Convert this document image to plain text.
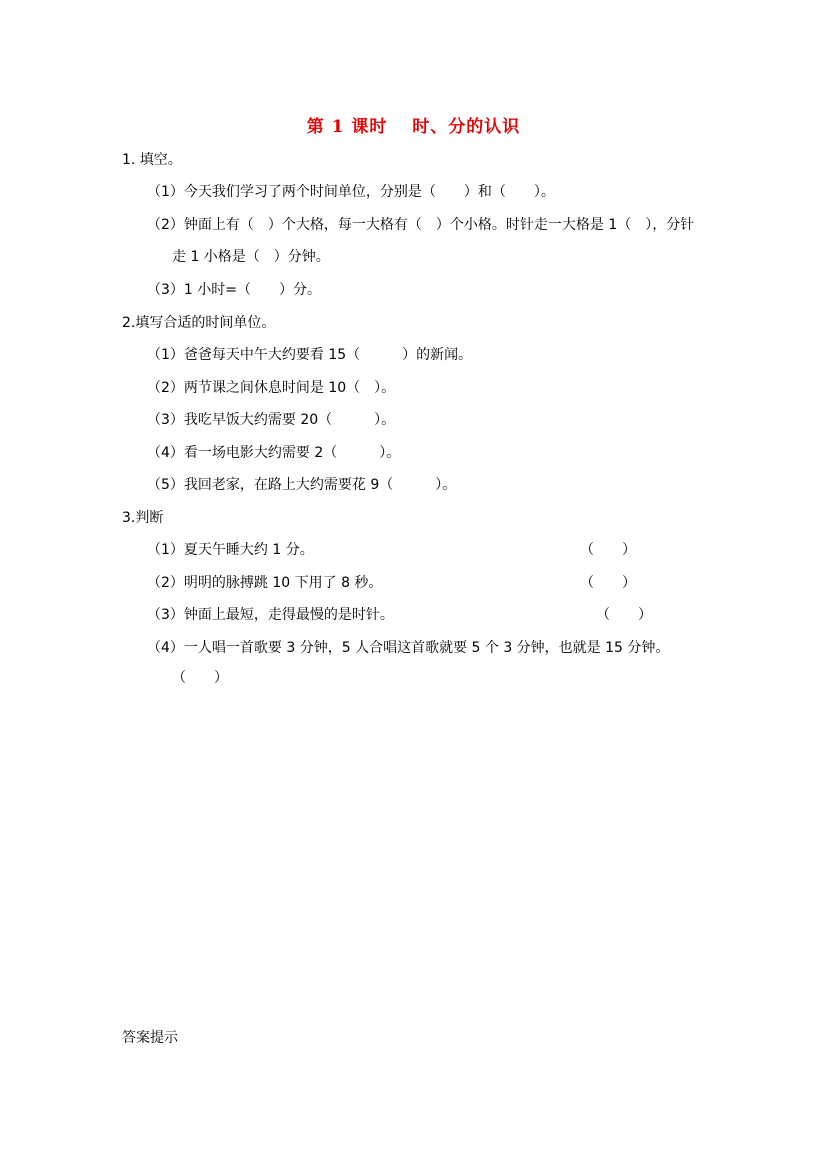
第 1 课时　 时、分的认识
1. 填空。
（1）今天我们学习了两个时间单位，分别是（　　）和（　　）。
（2）钟面上有（　）个大格，每一大格有（　）个小格。时针走一大格是 1（　），分针
走 1 小格是（　）分钟。
（3）1 小时=（　　）分。
2.填写合适的时间单位。
（1）爸爸每天中午大约要看 15（　　　）的新闻。
（2）两节课之间休息时间是 10（　）。
（3）我吃早饭大约需要 20（　　　）。
（4）看一场电影大约需要 2（　　　）。
（5）我回老家，在路上大约需要花 9（　　　）。
3.判断
（1）夏天午睡大约 1 分。	（　　）
（2）明明的脉搏跳 10 下用了 8 秒。	（　　）
（3）钟面上最短，走得最慢的是时针。	（　　）
（4）一人唱一首歌要 3 分钟，5 人合唱这首歌就要 5 个 3 分钟，也就是 15 分钟。
（　　）
答案提示
